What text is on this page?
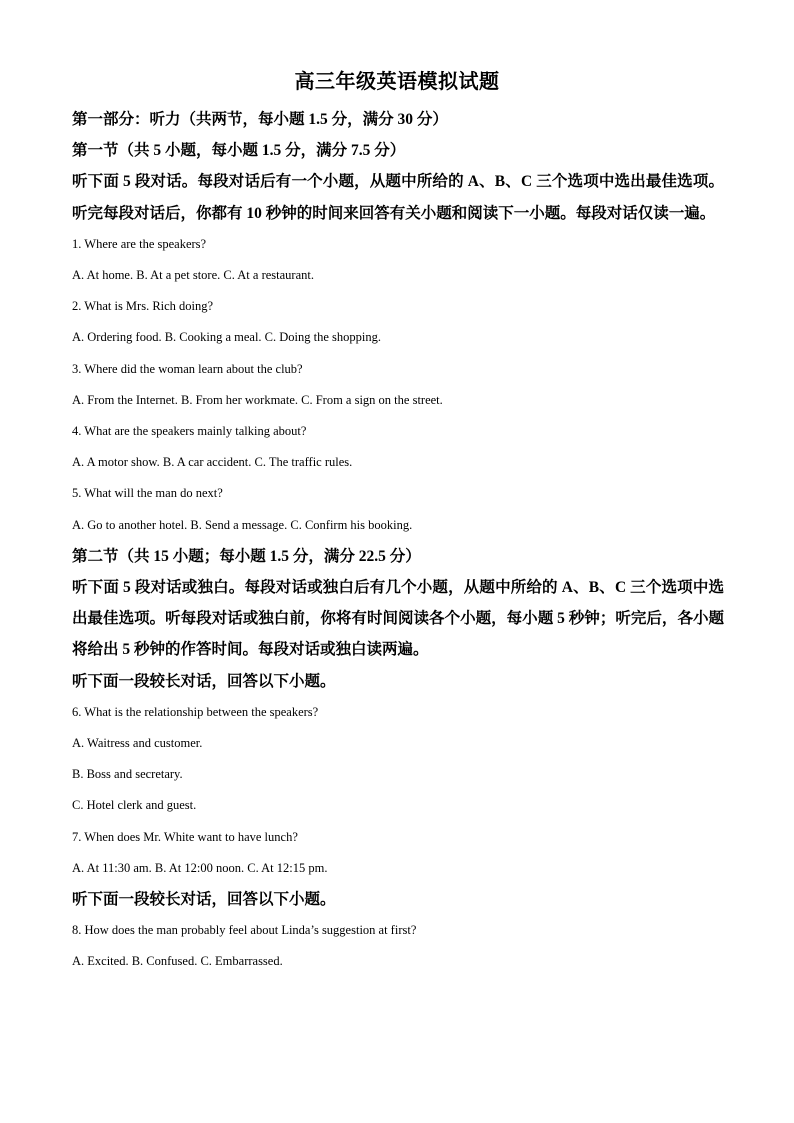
高三年级英语模拟试题
第一部分：听力（共两节，每小题 1.5 分，满分 30 分）
第一节（共 5 小题，每小题 1.5 分，满分 7.5 分）
听下面 5 段对话。每段对话后有一个小题，从题中所给的 A、B、C 三个选项中选出最佳选项。听完每段对话后，你都有 10 秒钟的时间来回答有关小题和阅读下一小题。每段对话仅读一遍。
1. Where are the speakers?
A. At home. B. At a pet store. C. At a restaurant.
2. What is Mrs. Rich doing?
A. Ordering food. B. Cooking a meal. C. Doing the shopping.
3. Where did the woman learn about the club?
A. From the Internet. B. From her workmate. C. From a sign on the street.
4. What are the speakers mainly talking about?
A. A motor show. B. A car accident. C. The traffic rules.
5. What will the man do next?
A. Go to another hotel. B. Send a message. C. Confirm his booking.
第二节（共 15 小题；每小题 1.5 分，满分 22.5 分）
听下面 5 段对话或独白。每段对话或独白后有几个小题，从题中所给的 A、B、C 三个选项中选出最佳选项。听每段对话或独白前，你将有时间阅读各个小题，每小题 5 秒钟；听完后，各小题将给出 5 秒钟的作答时间。每段对话或独白读两遍。
听下面一段较长对话，回答以下小题。
6. What is the relationship between the speakers?
A. Waitress and customer.
B. Boss and secretary.
C. Hotel clerk and guest.
7. When does Mr. White want to have lunch?
A. At 11:30 am. B. At 12:00 noon. C. At 12:15 pm.
听下面一段较长对话，回答以下小题。
8. How does the man probably feel about Linda’s suggestion at first?
A. Excited. B. Confused. C. Embarrassed.
